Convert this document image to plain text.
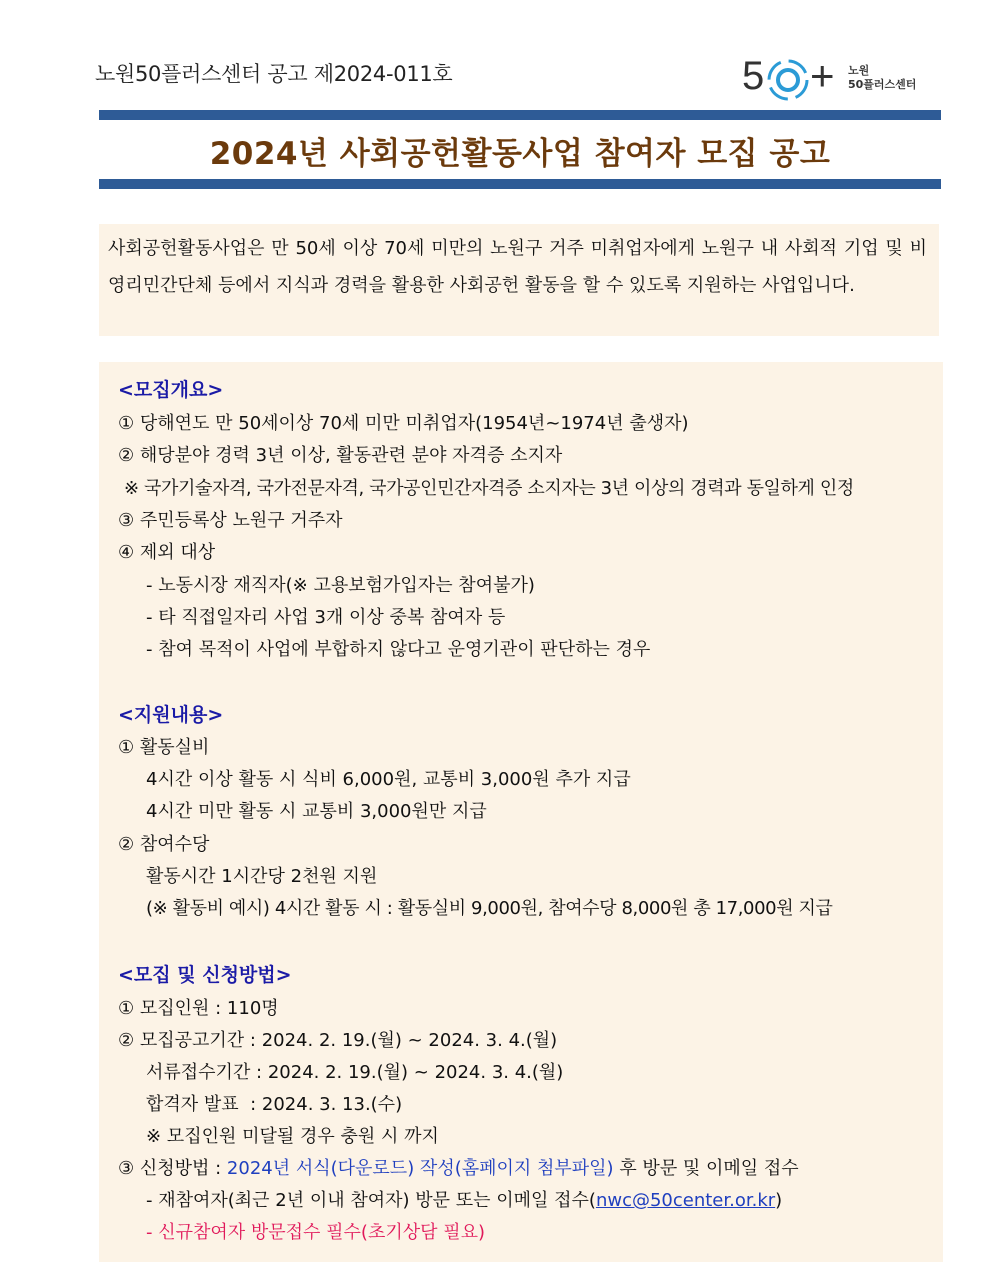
노원50플러스센터 공고 제2024-011호	5 + 노원
50플러스센터
2024년 사회공헌활동사업 참여자 모집 공고

사회공헌활동사업은 만 50세 이상 70세 미만의 노원구 거주 미취업자에게 노원구 내 사회적 기업 및 비영리민간단체 등에서 지식과 경력을 활용한 사회공헌 활동을 할 수 있도록 지원하는 사업입니다.

<모집개요>
① 당해연도 만 50세이상 70세 미만 미취업자(1954년~1974년 출생자)
② 해당분야 경력 3년 이상, 활동관련 분야 자격증 소지자
※ 국가기술자격, 국가전문자격, 국가공인민간자격증 소지자는 3년 이상의 경력과 동일하게 인정
③ 주민등록상 노원구 거주자
④ 제외 대상
- 노동시장 재직자(※ 고용보험가입자는 참여불가)
- 타 직접일자리 사업 3개 이상 중복 참여자 등
- 참여 목적이 사업에 부합하지 않다고 운영기관이 판단하는 경우
<지원내용>
① 활동실비
4시간 이상 활동 시 식비 6,000원, 교통비 3,000원 추가 지급
4시간 미만 활동 시 교통비 3,000원만 지급
② 참여수당
활동시간 1시간당 2천원 지원
(※ 활동비 예시) 4시간 활동 시 : 활동실비 9,000원, 참여수당 8,000원 총 17,000원 지급
<모집 및 신청방법>
① 모집인원 : 110명
② 모집공고기간 : 2024. 2. 19.(월) ~ 2024. 3. 4.(월)
서류접수기간 : 2024. 2. 19.(월) ~ 2024. 3. 4.(월)
합격자 발표  : 2024. 3. 13.(수)
※ 모집인원 미달될 경우 충원 시 까지
③ 신청방법 : 2024년 서식(다운로드) 작성(홈페이지 첨부파일) 후 방문 및 이메일 접수
- 재참여자(최근 2년 이내 참여자) 방문 또는 이메일 접수(nwc@50center.or.kr)
- 신규참여자 방문접수 필수(초기상담 필요)
